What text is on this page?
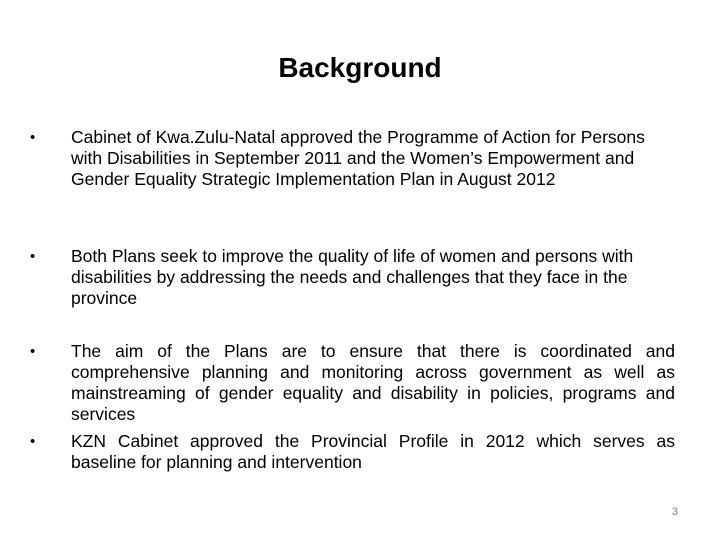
Background
•	Cabinet of Kwa.Zulu-Natal approved the Programme of Action for Persons with Disabilities in September 2011 and the Women’s Empowerment and Gender Equality Strategic Implementation Plan in August 2012
•	Both Plans seek to improve the quality of life of women and persons with disabilities by addressing the needs and challenges that they face in the province
•	The aim of the Plans are to ensure that there is coordinated and comprehensive planning and monitoring across government as well as mainstreaming of gender equality and disability in policies, programs and services
•	KZN Cabinet approved the Provincial Profile in 2012 which serves as baseline for planning and intervention
3
